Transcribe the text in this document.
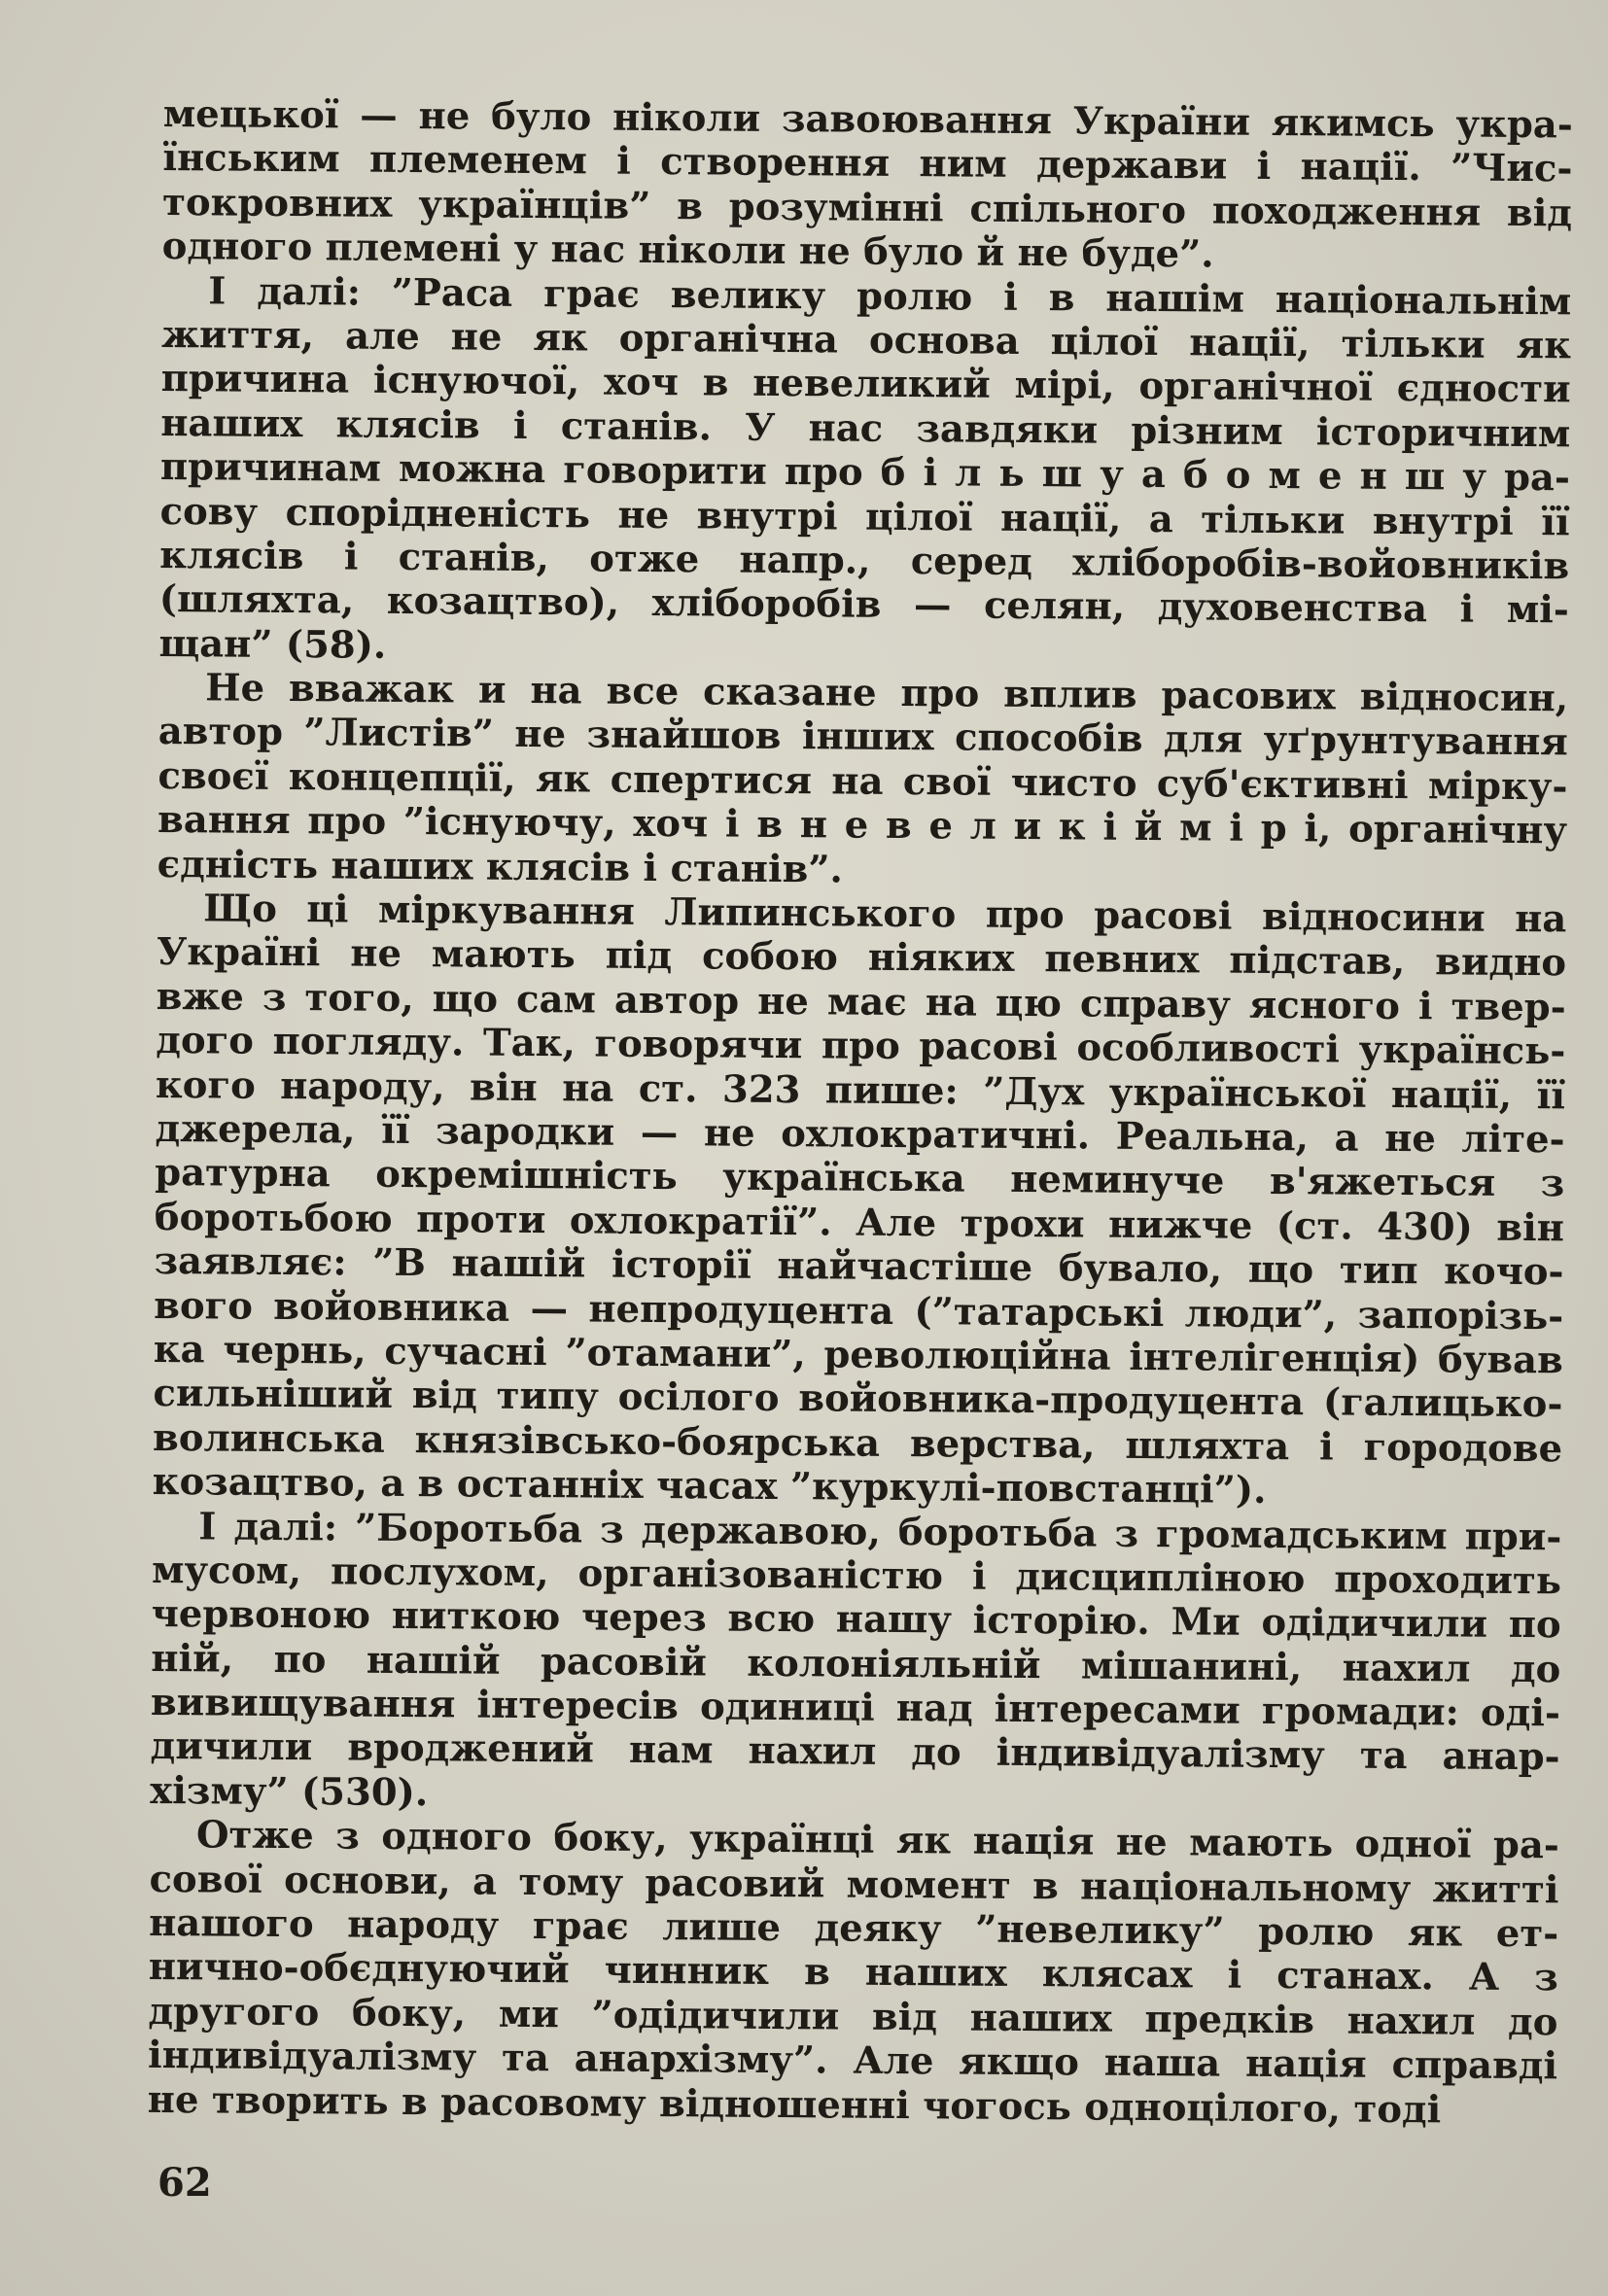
мецької — не було ніколи завоювання України якимсь укра-
їнським племенем і створення ним держави і нації. ”Чис-
токровних українців” в розумінні спільного походження від
одного племені у нас ніколи не було й не буде”.
І далі: ”Раса грає велику ролю і в нашім національнім
життя, але не як органічна основа цілої нації, тільки як
причина існуючої, хоч в невеликий мірі, органічної єдности
наших клясів і станів. У нас завдяки різним історичним
причинам можна говорити про б і л ь ш у а б о м е н ш у ра-
сову спорідненість не внутрі цілої нації, а тільки внутрі її
клясів і станів, отже напр., серед хліборобів-войовників
(шляхта, козацтво), хліборобів — селян, духовенства і мі-
щан” (58).
Не вважак и на все сказане про вплив расових відносин,
автор ”Листів” не знайшов інших способів для уґрунтування
своєї концепції, як спертися на свої чисто суб'єктивні мірку-
вання про ”існуючу, хоч і в н е в е л и к і й м і р і, органічну
єдність наших клясів і станів”.
Що ці міркування Липинського про расові відносини на
Україні не мають під собою ніяких певних підстав, видно
вже з того, що сам автор не має на цю справу ясного і твер-
дого погляду. Так, говорячи про расові особливості українсь-
кого народу, він на ст. 323 пише: ”Дух української нації, її
джерела, її зародки — не охлократичні. Реальна, а не літе-
ратурна окремішність українська неминуче в'яжеться з
боротьбою проти охлократії”. Але трохи нижче (ст. 430) він
заявляє: ”В нашій історії найчастіше бувало, що тип кочо-
вого войовника — непродуцента (”татарські люди”, запорізь-
ка чернь, сучасні ”отамани”, революційна інтелігенція) бував
сильніший від типу осілого войовника-продуцента (галицько-
волинська князівсько-боярська верства, шляхта і городове
козацтво, а в останніх часах ”куркулі-повстанці”).
І далі: ”Боротьба з державою, боротьба з громадським при-
мусом, послухом, організованістю і дисципліною проходить
червоною ниткою через всю нашу історію. Ми одідичили по
ній, по нашій расовій колоніяльній мішанині, нахил до
вивищування інтересів одиниці над інтересами громади: оді-
дичили вроджений нам нахил до індивідуалізму та анар-
хізму” (530).
Отже з одного боку, українці як нація не мають одної ра-
сової основи, а тому расовий момент в національному житті
нашого народу грає лише деяку ”невелику” ролю як ет-
нично-обєднуючий чинник в наших клясах і станах. А з
другого боку, ми ”одідичили від наших предків нахил до
індивідуалізму та анархізму”. Але якщо наша нація справді
не творить в расовому відношенні чогось одноцілого, тоді
62
